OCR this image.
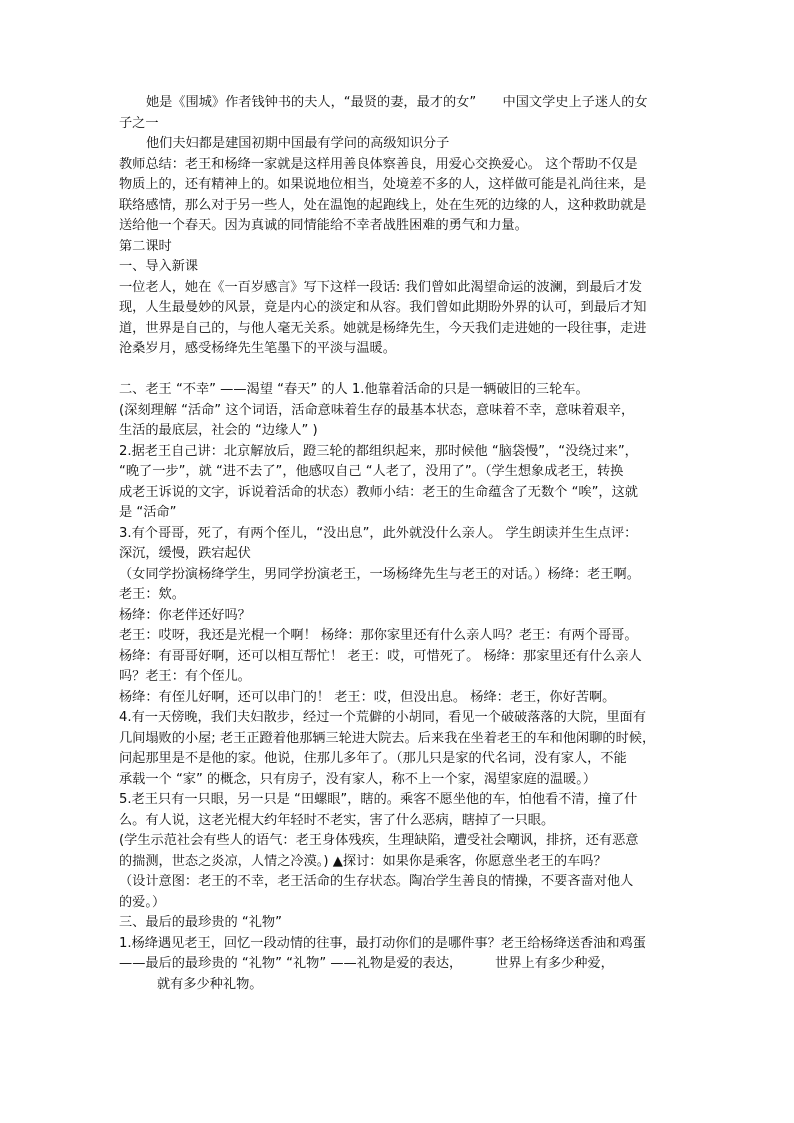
她是《围城》作者钱钟书的夫人，“最贤的妻，最才的女”　　中国文学史上子迷人的女

子之一

他们夫妇都是建国初期中国最有学问的高级知识分子

教师总结：老王和杨绛一家就是这样用善良体察善良，用爱心交换爱心。 这个帮助不仅是

物质上的，还有精神上的。如果说地位相当，处境差不多的人，这样做可能是礼尚往来，是

联络感情，那么对于另一些人，处在温饱的起跑线上，处在生死的边缘的人，这种救助就是

送给他一个春天。因为真诚的同情能给不幸者战胜困难的勇气和力量。

第二课时

一、导入新课

一位老人，她在《一百岁感言》写下这样一段话: 我们曾如此渴望命运的波澜，到最后才发

现，人生最曼妙的风景，竟是内心的淡定和从容。我们曾如此期盼外界的认可，到最后才知

道，世界是自己的，与他人毫无关系。她就是杨绛先生，今天我们走进她的一段往事，走进

沧桑岁月，感受杨绛先生笔墨下的平淡与温暖。

二、老王 “不幸” ——渴望 “春天” 的人 1.他靠着活命的只是一辆破旧的三轮车。

(深刻理解 “活命” 这个词语，活命意味着生存的最基本状态，意味着不幸，意味着艰辛，

生活的最底层，社会的 “边缘人” )

2.据老王自己讲：北京解放后，蹬三轮的都组织起来，那时候他 “脑袋慢”，“没绕过来”，

“晚了一步”，就 “进不去了”，他感叹自己 “人老了，没用了”。（学生想象成老王，转换

成老王诉说的文字，诉说着活命的状态）教师小结：老王的生命蕴含了无数个 “唉”，这就

是 “活命”

3.有个哥哥，死了，有两个侄儿，“没出息”，此外就没什么亲人。 学生朗读并生生点评：

深沉，缓慢，跌宕起伏

（女同学扮演杨绛学生，男同学扮演老王，一场杨绛先生与老王的对话。）杨绛：老王啊。

老王：欸。

杨绛：你老伴还好吗？

老王：哎呀，我还是光棍一个啊！ 杨绛：那你家里还有什么亲人吗？老王：有两个哥哥。

杨绛：有哥哥好啊，还可以相互帮忙！ 老王：哎，可惜死了。 杨绛：那家里还有什么亲人

吗？老王：有个侄儿。

杨绛：有侄儿好啊，还可以串门的！ 老王：哎，但没出息。 杨绛：老王，你好苦啊。

4.有一天傍晚，我们夫妇散步，经过一个荒僻的小胡同，看见一个破破落落的大院，里面有

几间塌败的小屋; 老王正蹬着他那辆三轮进大院去。后来我在坐着老王的车和他闲聊的时候，

问起那里是不是他的家。他说，住那儿多年了。（那儿只是家的代名词，没有家人，不能

承载一个 “家” 的概念，只有房子，没有家人，称不上一个家，渴望家庭的温暖。）

5.老王只有一只眼，另一只是 “田螺眼”，瞎的。乘客不愿坐他的车，怕他看不清，撞了什

么。有人说，这老光棍大约年轻时不老实，害了什么恶病，瞎掉了一只眼。

(学生示范社会有些人的语气：老王身体残疾，生理缺陷，遭受社会嘲讽，排挤，还有恶意

的揣测，世态之炎凉，人情之冷漠。) ▲探讨：如果你是乘客，你愿意坐老王的车吗？

（设计意图：老王的不幸，老王活命的生存状态。陶冶学生善良的情操，不要吝啬对他人

的爱。）

三、最后的最珍贵的 “礼物”

1.杨绛遇见老王，回忆一段动情的往事，最打动你们的是哪件事？老王给杨绛送香油和鸡蛋

——最后的最珍贵的 “礼物” “礼物” ——礼物是爱的表达，　　　世界上有多少种爱，

就有多少种礼物。
